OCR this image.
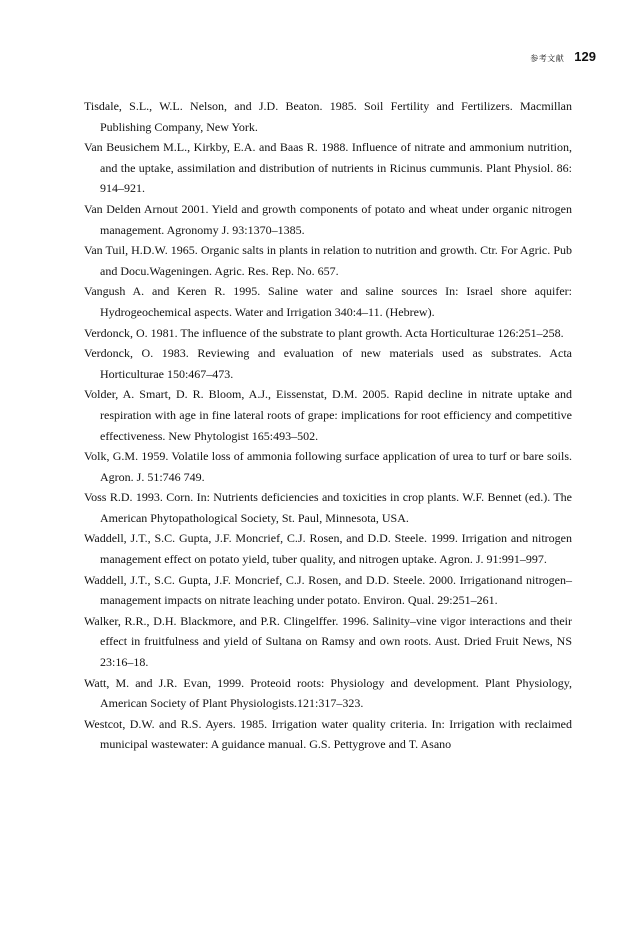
参考文献 129
Tisdale, S.L., W.L. Nelson, and J.D. Beaton. 1985. Soil Fertility and Fertilizers. Macmillan Publishing Company, New York.
Van Beusichem M.L., Kirkby, E.A. and Baas R. 1988. Influence of nitrate and ammonium nutrition, and the uptake, assimilation and distribution of nutrients in Ricinus cummunis. Plant Physiol. 86: 914–921.
Van Delden Arnout 2001. Yield and growth components of potato and wheat under organic nitrogen management. Agronomy J. 93:1370–1385.
Van Tuil, H.D.W. 1965. Organic salts in plants in relation to nutrition and growth. Ctr. For Agric. Pub and Docu.Wageningen. Agric. Res. Rep. No. 657.
Vangush A. and Keren R. 1995. Saline water and saline sources In: Israel shore aquifer: Hydrogeochemical aspects. Water and Irrigation 340:4–11. (Hebrew).
Verdonck, O. 1981. The influence of the substrate to plant growth. Acta Horticulturae 126:251–258.
Verdonck, O. 1983. Reviewing and evaluation of new materials used as substrates. Acta Horticulturae 150:467–473.
Volder, A. Smart, D. R. Bloom, A.J., Eissenstat, D.M. 2005. Rapid decline in nitrate uptake and respiration with age in fine lateral roots of grape: implications for root efficiency and competitive effectiveness. New Phytologist 165:493–502.
Volk, G.M. 1959. Volatile loss of ammonia following surface application of urea to turf or bare soils. Agron. J. 51:746 749.
Voss R.D. 1993. Corn. In: Nutrients deficiencies and toxicities in crop plants. W.F. Bennet (ed.). The American Phytopathological Society, St. Paul, Minnesota, USA.
Waddell, J.T., S.C. Gupta, J.F. Moncrief, C.J. Rosen, and D.D. Steele. 1999. Irrigation and nitrogen management effect on potato yield, tuber quality, and nitrogen uptake. Agron. J. 91:991–997.
Waddell, J.T., S.C. Gupta, J.F. Moncrief, C.J. Rosen, and D.D. Steele. 2000. Irrigationand nitrogen–management impacts on nitrate leaching under potato. Environ. Qual. 29:251–261.
Walker, R.R., D.H. Blackmore, and P.R. Clingelffer. 1996. Salinity–vine vigor interactions and their effect in fruitfulness and yield of Sultana on Ramsy and own roots. Aust. Dried Fruit News, NS 23:16–18.
Watt, M. and J.R. Evan, 1999. Proteoid roots: Physiology and development. Plant Physiology, American Society of Plant Physiologists.121:317–323.
Westcot, D.W. and R.S. Ayers. 1985. Irrigation water quality criteria. In: Irrigation with reclaimed municipal wastewater: A guidance manual. G.S. Pettygrove and T. Asano
